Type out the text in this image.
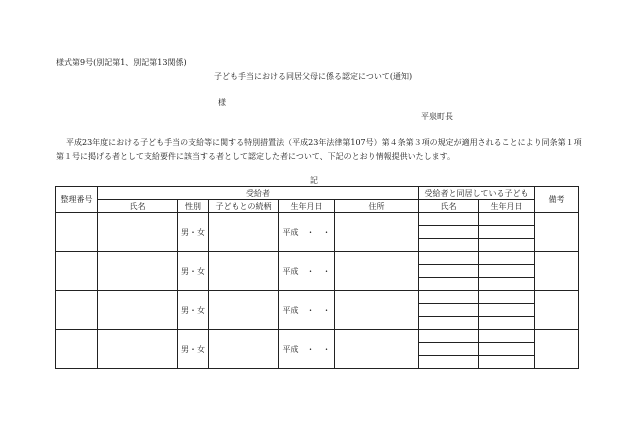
様式第9号(別記第1、別記第13関係)
子ども手当における同居父母に係る認定について(通知)
様
平泉町長
平成23年度における子ども手当の支給等に関する特別措置法（平成23年法律第107号）第４条第３項の規定が適用されることにより同条第１項第１号に掲げる者として支給要件に該当する者として認定した者について、下記のとおり情報提供いたします。
記
整理番号	受給者					受給者と同居している子ども		備考
	氏名	性別	子どもとの続柄	生年月日	住所	氏名	生年月日	
		男・女		平成　・　・				

		男・女		平成　・　・				

		男・女		平成　・　・				

		男・女		平成　・　・				
